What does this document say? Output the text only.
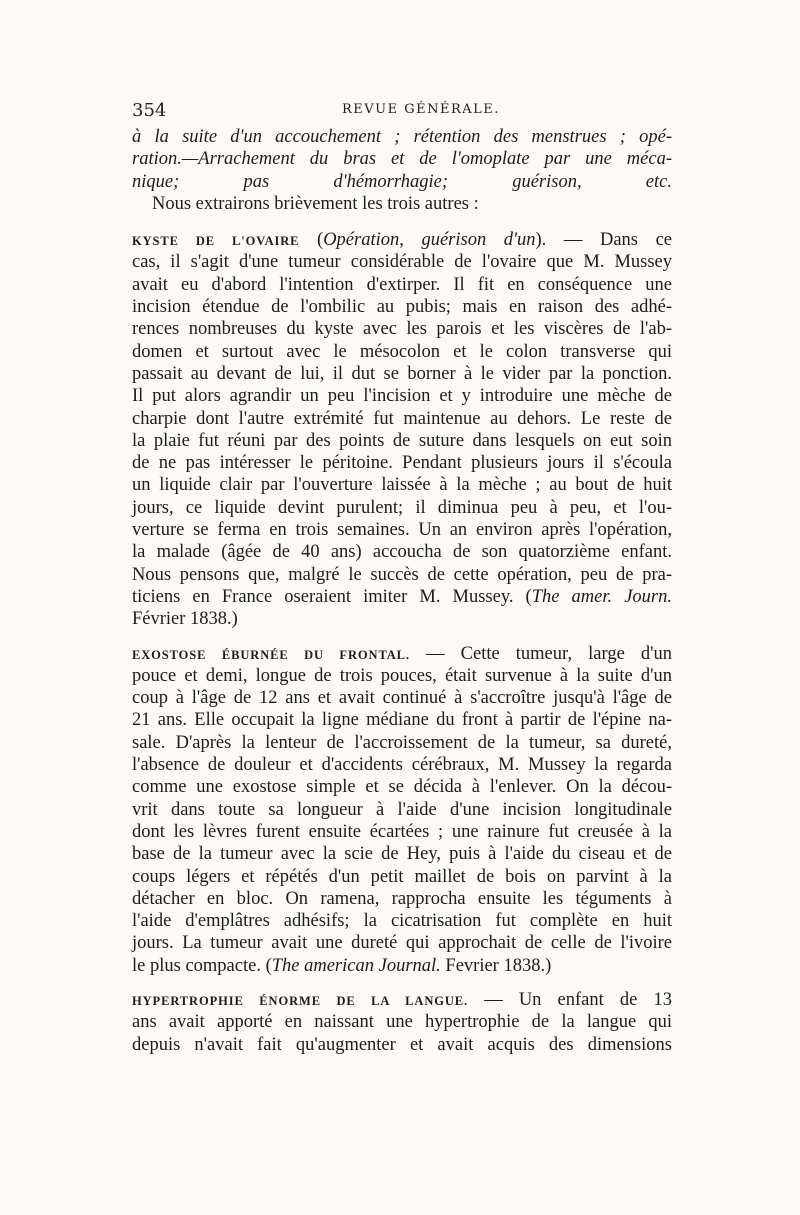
354	REVUE GÉNÉRALE.
à la suite d'un accouchement ; rétention des menstrues ; opé-
ration.—Arrachement du bras et de l'omoplate par une méca-
nique; pas d'hémorrhagie; guérison, etc.
Nous extrairons brièvement les trois autres :
KYSTE DE L'OVAIRE (Opération, guérison d'un). — Dans ce
cas, il s'agit d'une tumeur considérable de l'ovaire que M. Mussey
avait eu d'abord l'intention d'extirper. Il fit en conséquence une
incision étendue de l'ombilic au pubis; mais en raison des adhé-
rences nombreuses du kyste avec les parois et les viscères de l'ab-
domen et surtout avec le mésocolon et le colon transverse qui
passait au devant de lui, il dut se borner à le vider par la ponction.
Il put alors agrandir un peu l'incision et y introduire une mèche de
charpie dont l'autre extrémité fut maintenue au dehors. Le reste de
la plaie fut réuni par des points de suture dans lesquels on eut soin
de ne pas intéresser le péritoine. Pendant plusieurs jours il s'écoula
un liquide clair par l'ouverture laissée à la mèche ; au bout de huit
jours, ce liquide devint purulent; il diminua peu à peu, et l'ou-
verture se ferma en trois semaines. Un an environ après l'opération,
la malade (âgée de 40 ans) accoucha de son quatorzième enfant.
Nous pensons que, malgré le succès de cette opération, peu de pra-
ticiens en France oseraient imiter M. Mussey. (The amer. Journ.
Février 1838.)
EXOSTOSE ÉBURNÉE DU FRONTAL. — Cette tumeur, large d'un
pouce et demi, longue de trois pouces, était survenue à la suite d'un
coup à l'âge de 12 ans et avait continué à s'accroître jusqu'à l'âge de
21 ans. Elle occupait la ligne médiane du front à partir de l'épine na-
sale. D'après la lenteur de l'accroissement de la tumeur, sa dureté,
l'absence de douleur et d'accidents cérébraux, M. Mussey la regarda
comme une exostose simple et se décida à l'enlever. On la décou-
vrit dans toute sa longueur à l'aide d'une incision longitudinale
dont les lèvres furent ensuite écartées ; une rainure fut creusée à la
base de la tumeur avec la scie de Hey, puis à l'aide du ciseau et de
coups légers et répétés d'un petit maillet de bois on parvint à la
détacher en bloc. On ramena, rapprocha ensuite les téguments à
l'aide d'emplâtres adhésifs; la cicatrisation fut complète en huit
jours. La tumeur avait une dureté qui approchait de celle de l'ivoire
le plus compacte. (The american Journal. Fevrier 1838.)
HYPERTROPHIE ÉNORME DE LA LANGUE. — Un enfant de 13
ans avait apporté en naissant une hypertrophie de la langue qui
depuis n'avait fait qu'augmenter et avait acquis des dimensions
